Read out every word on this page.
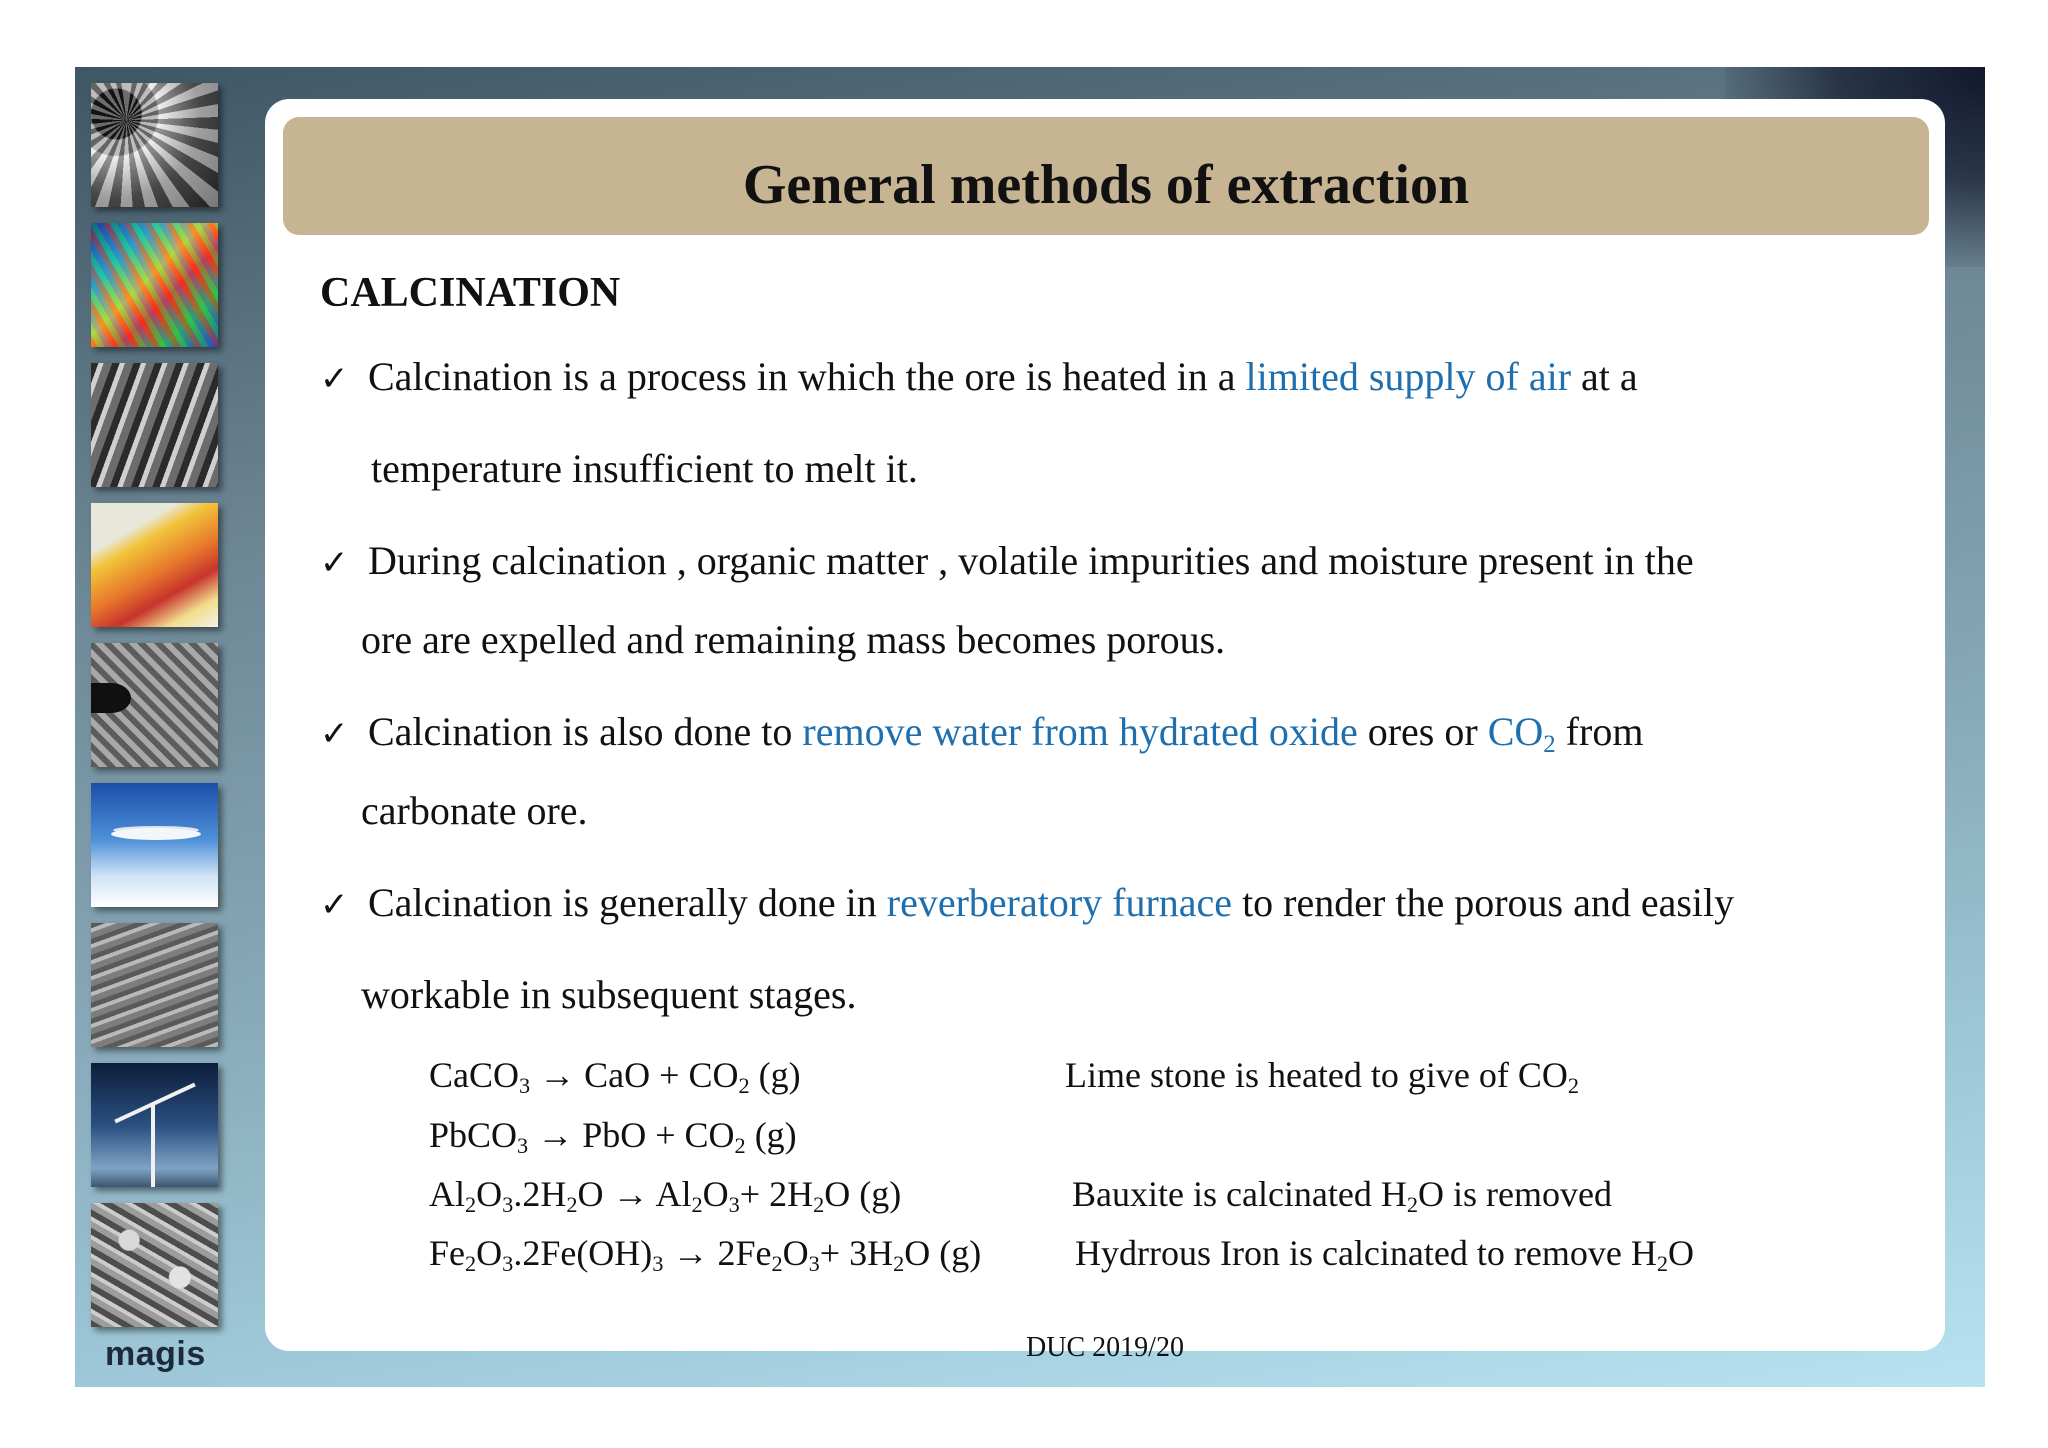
magis
General methods of extraction
CALCINATION
✓ Calcination is a process in which the ore is heated in a limited supply of air at a
temperature insufficient to melt it.
✓ During calcination , organic matter , volatile impurities and moisture present in the
ore are expelled and remaining mass becomes porous.
✓ Calcination is also done to remove water from hydrated oxide ores or $CO_2$ from
carbonate ore.
✓ Calcination is generally done in reverberatory furnace to render the porous and easily
workable in subsequent stages.
CaCO$_3$ → CaO + $CO_2$ (g)	Lime stone is heated to give of $CO_2$
PbCO$_3$ → PbO + $CO_2$ (g)
$Al_2O_3.2H_2O \to Al_2O_3+ 2H_2O$ (g)	Bauxite is calcinated $H_2O$ is removed
$Fe_2O_3.2Fe(OH)_3 \to 2Fe_2O_3+ 3H_2O$ (g)	Hydrrous Iron is calcinated to remove $H_2O$
DUC 2019/20
